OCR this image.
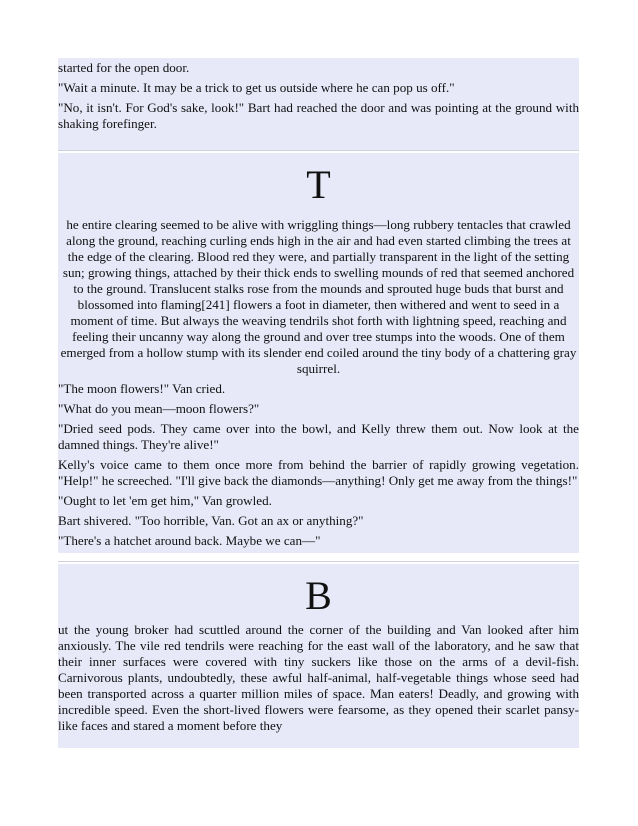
started for the open door.

"Wait a minute. It may be a trick to get us outside where he can pop us off."

"No, it isn't. For God's sake, look!" Bart had reached the door and was pointing at the ground with shaking forefinger.

T

he entire clearing seemed to be alive with wriggling things—long rubbery tentacles that crawled along the ground, reaching curling ends high in the air and had even started climbing the trees at the edge of the clearing. Blood red they were, and partially transparent in the light of the setting sun; growing things, attached by their thick ends to swelling mounds of red that seemed anchored to the ground. Translucent stalks rose from the mounds and sprouted huge buds that burst and blossomed into flaming[241] flowers a foot in diameter, then withered and went to seed in a moment of time. But always the weaving tendrils shot forth with lightning speed, reaching and feeling their uncanny way along the ground and over tree stumps into the woods. One of them emerged from a hollow stump with its slender end coiled around the tiny body of a chattering gray squirrel.

"The moon flowers!" Van cried.

"What do you mean—moon flowers?"

"Dried seed pods. They came over into the bowl, and Kelly threw them out. Now look at the damned things. They're alive!"

Kelly's voice came to them once more from behind the barrier of rapidly growing vegetation. "Help!" he screeched. "I'll give back the diamonds—anything! Only get me away from the things!"

"Ought to let 'em get him," Van growled.

Bart shivered. "Too horrible, Van. Got an ax or anything?"

"There's a hatchet around back. Maybe we can—"

B

ut the young broker had scuttled around the corner of the building and Van looked after him anxiously. The vile red tendrils were reaching for the east wall of the laboratory, and he saw that their inner surfaces were covered with tiny suckers like those on the arms of a devil-fish. Carnivorous plants, undoubtedly, these awful half-animal, half-vegetable things whose seed had been transported across a quarter million miles of space. Man eaters! Deadly, and growing with incredible speed. Even the short-lived flowers were fearsome, as they opened their scarlet pansy-like faces and stared a moment before they
